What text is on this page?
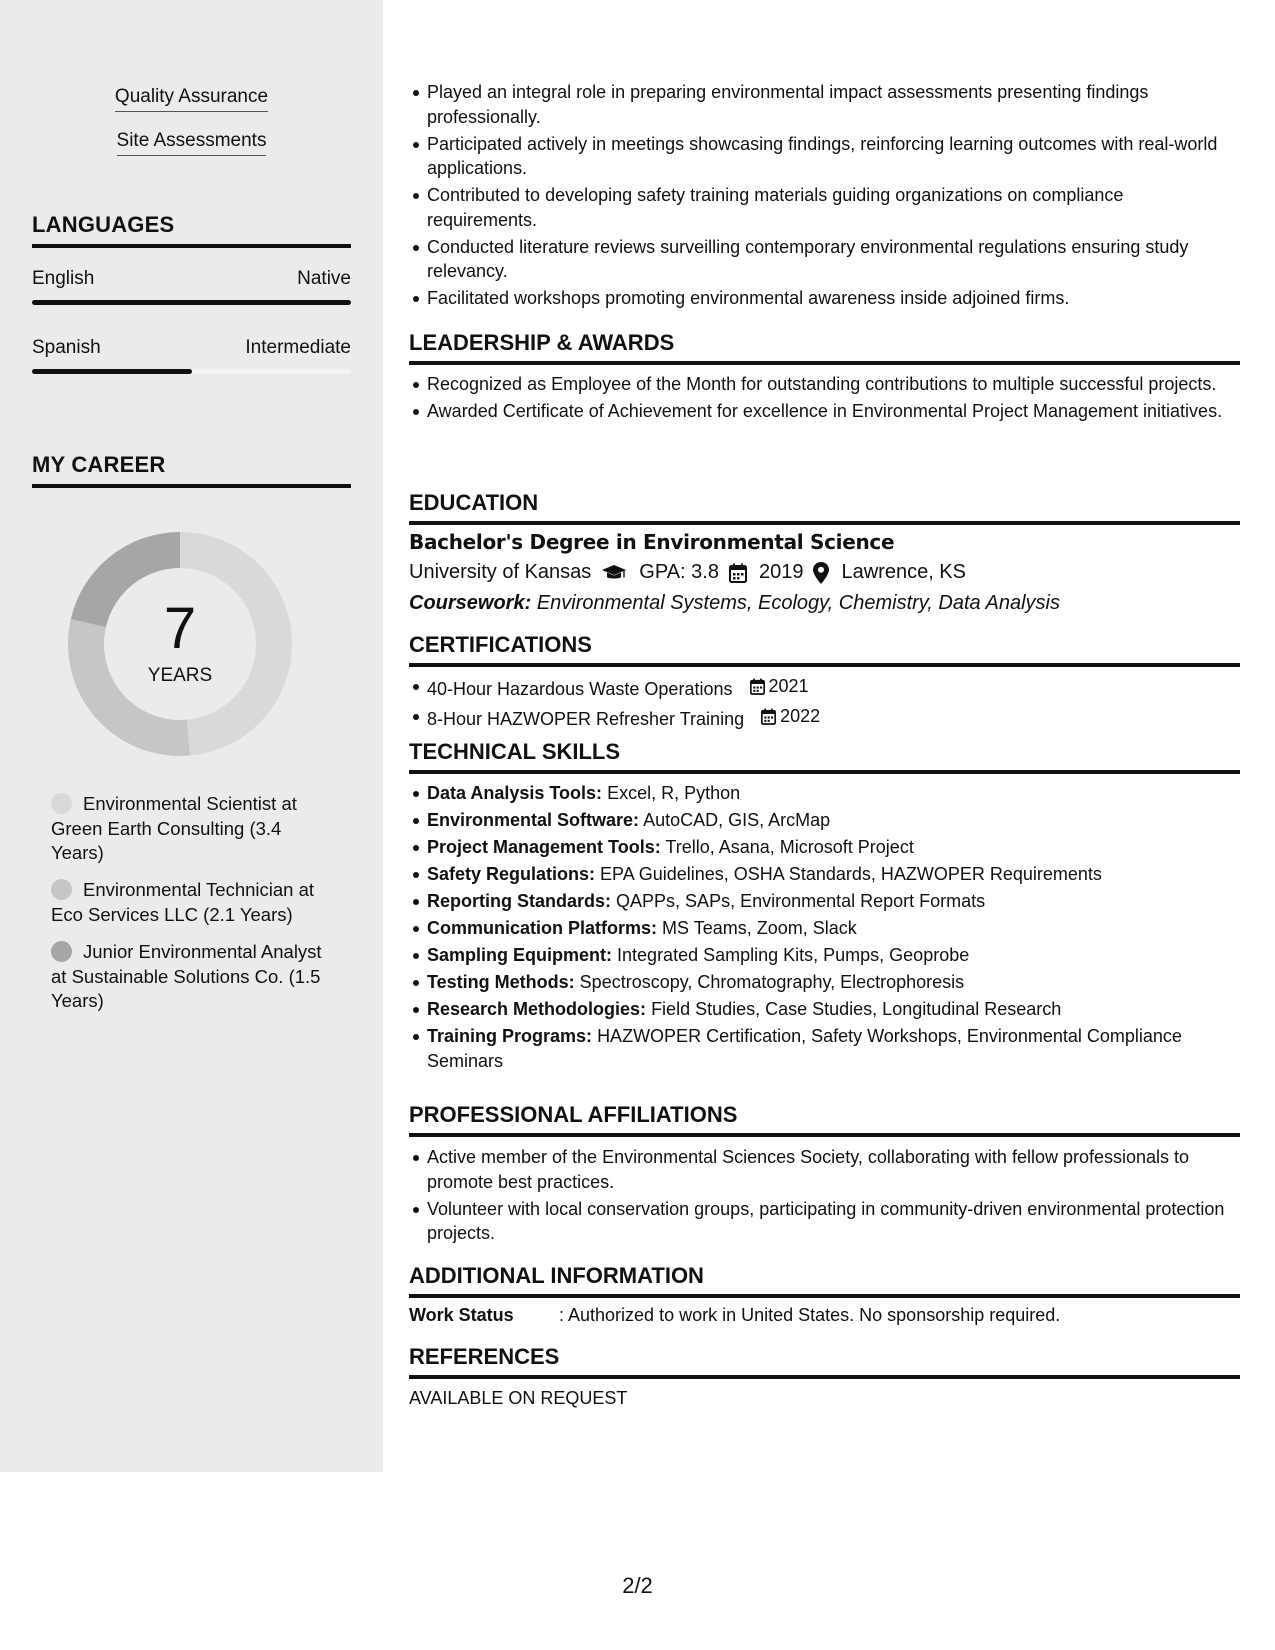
Quality Assurance
Site Assessments
LANGUAGES
English	Native
Spanish	Intermediate
MY CAREER
7
YEARS
Environmental Scientist at Green Earth Consulting (3.4 Years)
Environmental Technician at Eco Services LLC (2.1 Years)
Junior Environmental Analyst at Sustainable Solutions Co. (1.5 Years)
Played an integral role in preparing environmental impact assessments presenting findings professionally.
Participated actively in meetings showcasing findings, reinforcing learning outcomes with real-world applications.
Contributed to developing safety training materials guiding organizations on compliance requirements.
Conducted literature reviews surveilling contemporary environmental regulations ensuring study relevancy.
Facilitated workshops promoting environmental awareness inside adjoined firms.
LEADERSHIP & AWARDS
Recognized as Employee of the Month for outstanding contributions to multiple successful projects.
Awarded Certificate of Achievement for excellence in Environmental Project Management initiatives.
EDUCATION
Bachelor's Degree in Environmental Science
University of Kansas GPA: 3.8 2019 Lawrence, KS
Coursework: Environmental Systems, Ecology, Chemistry, Data Analysis
CERTIFICATIONS
40-Hour Hazardous Waste Operations 2021
8-Hour HAZWOPER Refresher Training 2022
TECHNICAL SKILLS
Data Analysis Tools: Excel, R, Python
Environmental Software: AutoCAD, GIS, ArcMap
Project Management Tools: Trello, Asana, Microsoft Project
Safety Regulations: EPA Guidelines, OSHA Standards, HAZWOPER Requirements
Reporting Standards: QAPPs, SAPs, Environmental Report Formats
Communication Platforms: MS Teams, Zoom, Slack
Sampling Equipment: Integrated Sampling Kits, Pumps, Geoprobe
Testing Methods: Spectroscopy, Chromatography, Electrophoresis
Research Methodologies: Field Studies, Case Studies, Longitudinal Research
Training Programs: HAZWOPER Certification, Safety Workshops, Environmental Compliance Seminars
PROFESSIONAL AFFILIATIONS
Active member of the Environmental Sciences Society, collaborating with fellow professionals to promote best practices.
Volunteer with local conservation groups, participating in community-driven environmental protection projects.
ADDITIONAL INFORMATION
Work Status	: Authorized to work in United States. No sponsorship required.
REFERENCES
AVAILABLE ON REQUEST
2/2
